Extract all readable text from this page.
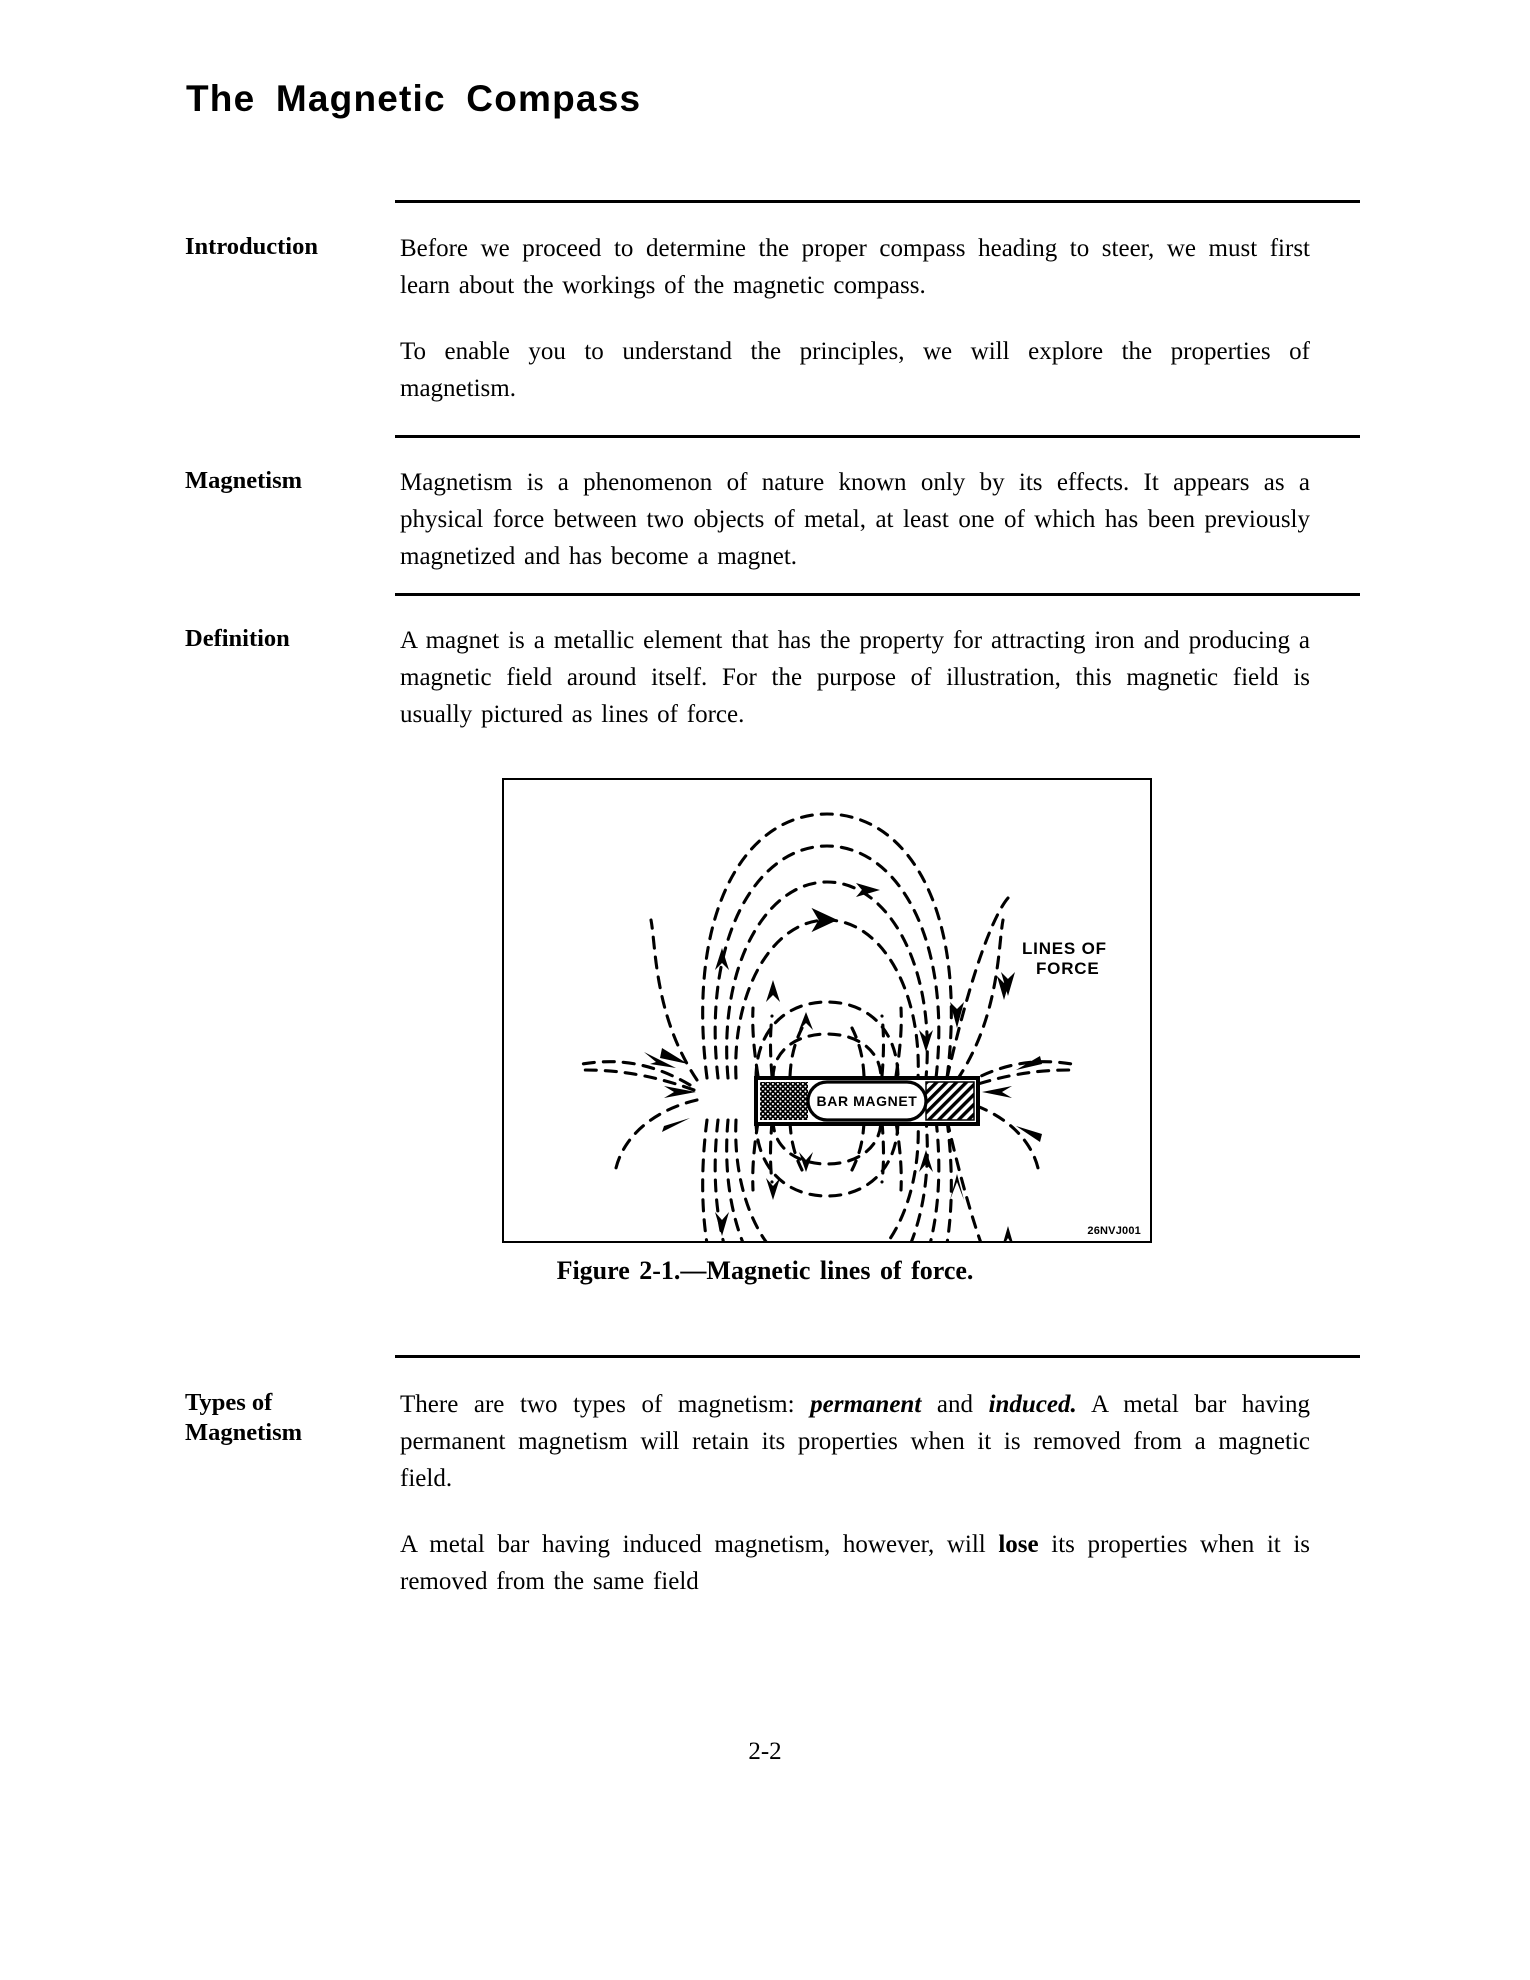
The Magnetic Compass
Introduction	Before we proceed to determine the proper compass heading to steer, we must first learn about the workings of the magnetic compass.

To enable you to understand the principles, we will explore the properties of magnetism.

Magnetism	Magnetism is a phenomenon of nature known only by its effects. It appears as a physical force between two objects of metal, at least one of which has been previously magnetized and has become a magnet.

Definition	A magnet is a metallic element that has the property for attracting iron and producing a magnetic field around itself. For the purpose of illustration, this magnetic field is usually pictured as lines of force.

BAR MAGNET
LINES OF
FORCE
26NVJ001
Figure 2-1.—Magnetic lines of force.
Types of
Magnetism

There are two types of magnetism: permanent and induced. A metal bar having permanent magnetism will retain its properties when it is removed from a magnetic field.

A metal bar having induced magnetism, however, will lose its properties when it is removed from the same field

2-2
